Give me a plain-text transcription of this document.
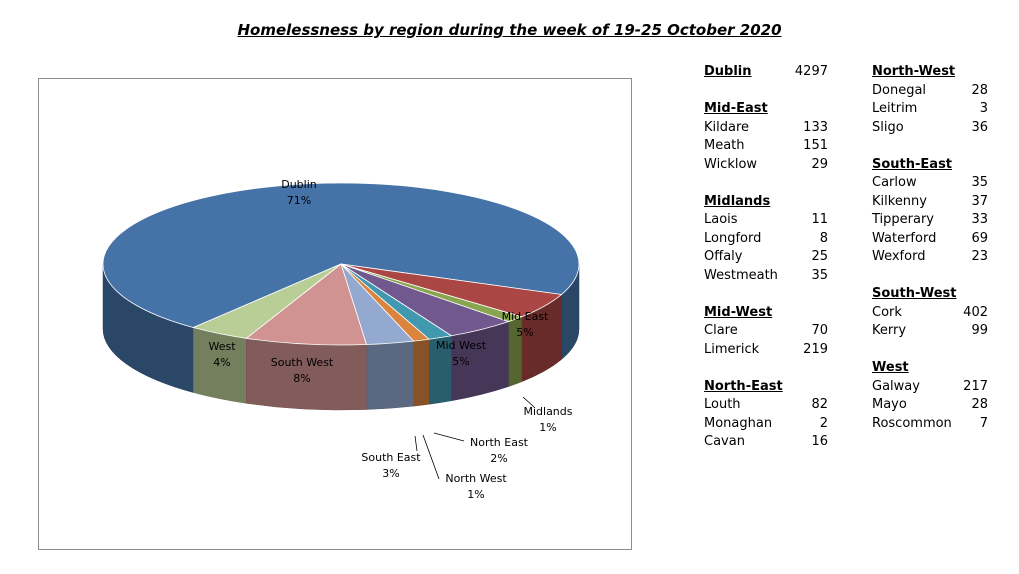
Homelessness by region during the week of 19-25 October 2020
Dublin
71%
Mid East
5%
Midlands
1%
Mid West
5%
North East
2%
North West
1%
South East
3%
South West
8%
West
4%
Dublin	4297
Mid-East
Kildare	133
Meath	151
Wicklow	29
Midlands
Laois	11
Longford	8
Offaly	25
Westmeath	35
Mid-West
Clare	70
Limerick	219
North-East
Louth	82
Monaghan	2
Cavan	16
North-West
Donegal	28
Leitrim	3
Sligo	36
South-East
Carlow	35
Kilkenny	37
Tipperary	33
Waterford	69
Wexford	23
South-West
Cork	402
Kerry	99
West
Galway	217
Mayo	28
Roscommon 7
